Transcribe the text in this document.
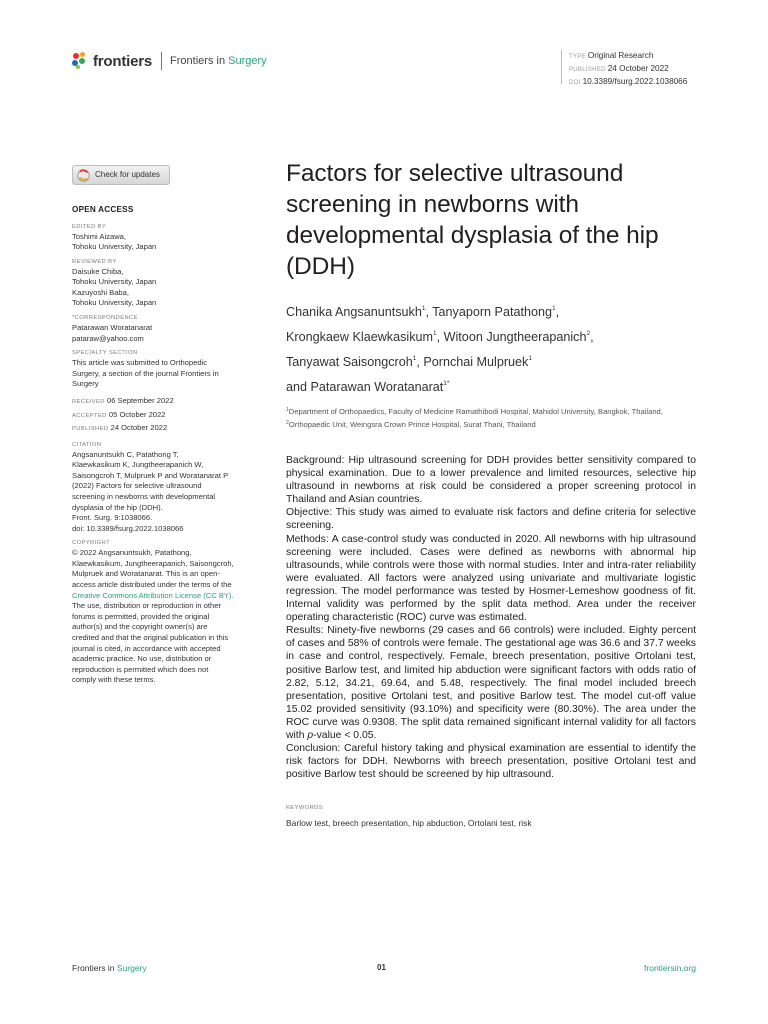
frontiers Frontiers in Surgery	TYPE Original Research
PUBLISHED 24 October 2022
DOI 10.3389/fsurg.2022.1038066
Check for updates
OPEN ACCESS
EDITED BY
Toshimi Aizawa,
Tohoku University, Japan
REVIEWED BY
Daisuke Chiba,
Tohoku University, Japan
Kazuyoshi Baba,
Tohoku University, Japan
*CORRESPONDENCE
Patarawan Woratanarat
pataraw@yahoo.com
SPECIALTY SECTION
This article was submitted to Orthopedic
Surgery, a section of the journal Frontiers in
Surgery
RECEIVED 06 September 2022
ACCEPTED 05 October 2022
PUBLISHED 24 October 2022
CITATION
Angsanuntsukh C, Patathong T,
Klaewkasikum K, Jungtheerapanich W,
Saisongcroh T, Mulpruek P and Woratanarat P
(2022) Factors for selective ultrasound
screening in newborns with developmental
dysplasia of the hip (DDH).
Front. Surg. 9:1038066.
doi: 10.3389/fsurg.2022.1038066
COPYRIGHT
© 2022 Angsanuntsukh, Patathong,
Klaewkasikum, Jungtheerapanich, Saisongcroh,
Mulpruek and Woratanarat. This is an open-
access article distributed under the terms of the
Creative Commons Attribution License (CC BY).
The use, distribution or reproduction in other
forums is permitted, provided the original
author(s) and the copyright owner(s) are
credited and that the original publication in this
journal is cited, in accordance with accepted
academic practice. No use, distribution or
reproduction is permitted which does not
comply with these terms.
Factors for selective ultrasound screening in newborns with developmental dysplasia of the hip (DDH)
Chanika Angsanuntsukh$^1$, Tanyaporn Patathong$^1$,
Krongkaew Klaewkasikum$^1$, Witoon Jungtheerapanich$^2$,
Tanyawat Saisongcroh$^1$, Pornchai Mulpruek$^1$
and Patarawan Woratanarat$^{1*}$
$^1$Department of Orthopaedics, Faculty of Medicine Ramathibodi Hospital, Mahidol University, Bangkok, Thailand, $^2$Orthopaedic Unit, Weingsra Crown Prince Hospital, Surat Thani, Thailand

Background: Hip ultrasound screening for DDH provides better sensitivity compared to physical examination. Due to a lower prevalence and limited resources, selective hip ultrasound in newborns at risk could be considered a proper screening protocol in Thailand and Asian countries.

Objective: This study was aimed to evaluate risk factors and define criteria for selective screening.

Methods: A case-control study was conducted in 2020. All newborns with hip ultrasound screening were included. Cases were defined as newborns with abnormal hip ultrasounds, while controls were those with normal studies. Inter and intra-rater reliability were evaluated. All factors were analyzed using univariate and multivariate logistic regression. The model performance was tested by Hosmer-Lemeshow goodness of fit. Internal validity was performed by the split data method. Area under the receiver operating characteristic (ROC) curve was estimated.

Results: Ninety-five newborns (29 cases and 66 controls) were included. Eighty percent of cases and 58% of controls were female. The gestational age was 36.6 and 37.7 weeks in case and control, respectively. Female, breech presentation, positive Ortolani test, positive Barlow test, and limited hip abduction were significant factors with odds ratio of 2.82, 5.12, 34.21, 69.64, and 5.48, respectively. The final model included breech presentation, positive Ortolani test, and positive Barlow test. The model cut-off value 15.02 provided sensitivity (93.10%) and specificity were (80.30%). The area under the ROC curve was 0.9308. The split data remained significant internal validity for all factors with p-value < 0.05.

Conclusion: Careful history taking and physical examination are essential to identify the risk factors for DDH. Newborns with breech presentation, positive Ortolani test and positive Barlow test should be screened by hip ultrasound.

KEYWORDS
Barlow test, breech presentation, hip abduction, Ortolani test, risk
Frontiers in Surgery	01	frontiersin.org
